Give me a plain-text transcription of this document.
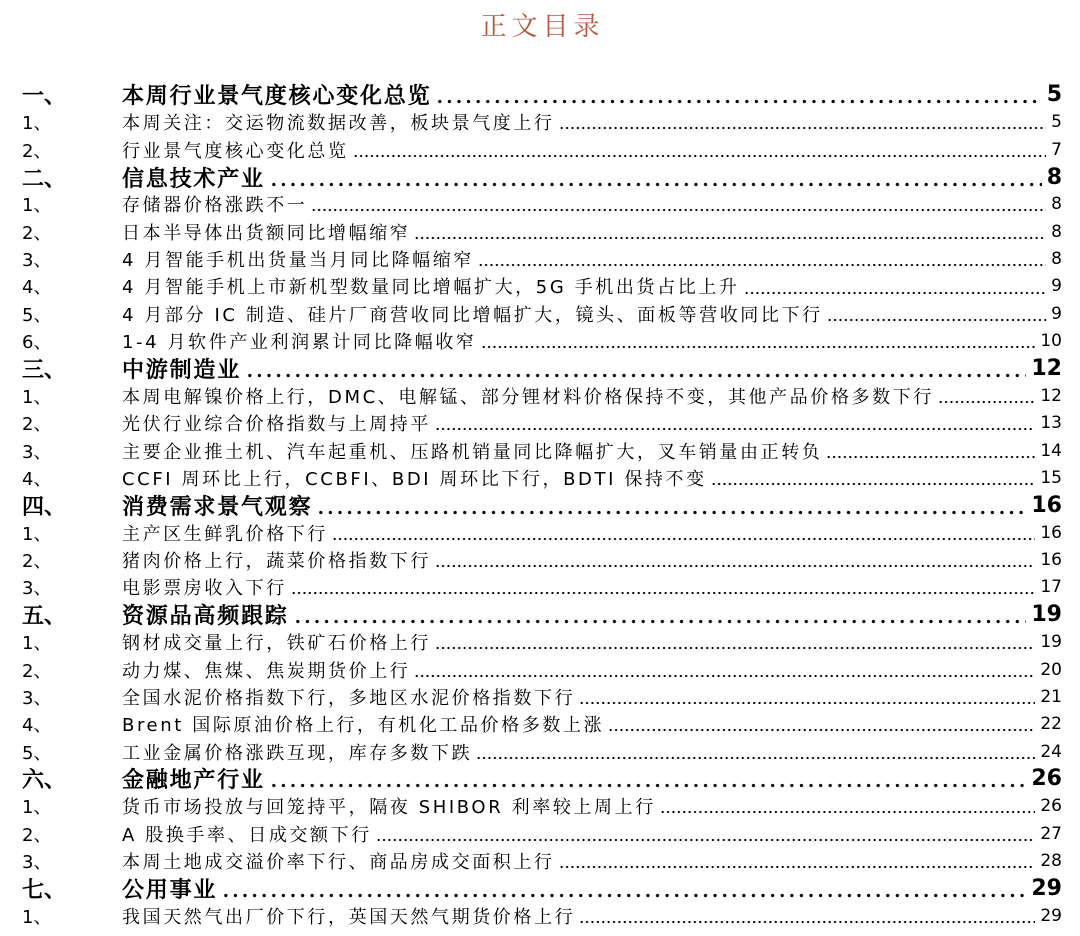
正文目录
一、	本周行业景气度核心变化总览	5
1、	本周关注：交运物流数据改善，板块景气度上行	5
2、	行业景气度核心变化总览	7
二、	信息技术产业	8
1、	存储器价格涨跌不一	8
2、	日本半导体出货额同比增幅缩窄	8
3、	4 月智能手机出货量当月同比降幅缩窄	8
4、	4 月智能手机上市新机型数量同比增幅扩大，5G 手机出货占比上升	9
5、	4 月部分 IC 制造、硅片厂商营收同比增幅扩大，镜头、面板等营收同比下行	9
6、	1-4 月软件产业利润累计同比降幅收窄	10
三、	中游制造业	12
1、	本周电解镍价格上行，DMC、电解锰、部分锂材料价格保持不变，其他产品价格多数下行	12
2、	光伏行业综合价格指数与上周持平	13
3、	主要企业推土机、汽车起重机、压路机销量同比降幅扩大，叉车销量由正转负	14
4、	CCFI 周环比上行，CCBFI、BDI 周环比下行，BDTI 保持不变	15
四、	消费需求景气观察	16
1、	主产区生鲜乳价格下行	16
2、	猪肉价格上行，蔬菜价格指数下行	16
3、	电影票房收入下行	17
五、	资源品高频跟踪	19
1、	钢材成交量上行，铁矿石价格上行	19
2、	动力煤、焦煤、焦炭期货价上行	20
3、	全国水泥价格指数下行，多地区水泥价格指数下行	21
4、	Brent 国际原油价格上行，有机化工品价格多数上涨	22
5、	工业金属价格涨跌互现，库存多数下跌	24
六、	金融地产行业	26
1、	货币市场投放与回笼持平，隔夜 SHIBOR 利率较上周上行	26
2、	A 股换手率、日成交额下行	27
3、	本周土地成交溢价率下行、商品房成交面积上行	28
七、	公用事业	29
1、	我国天然气出厂价下行，英国天然气期货价格上行	29
